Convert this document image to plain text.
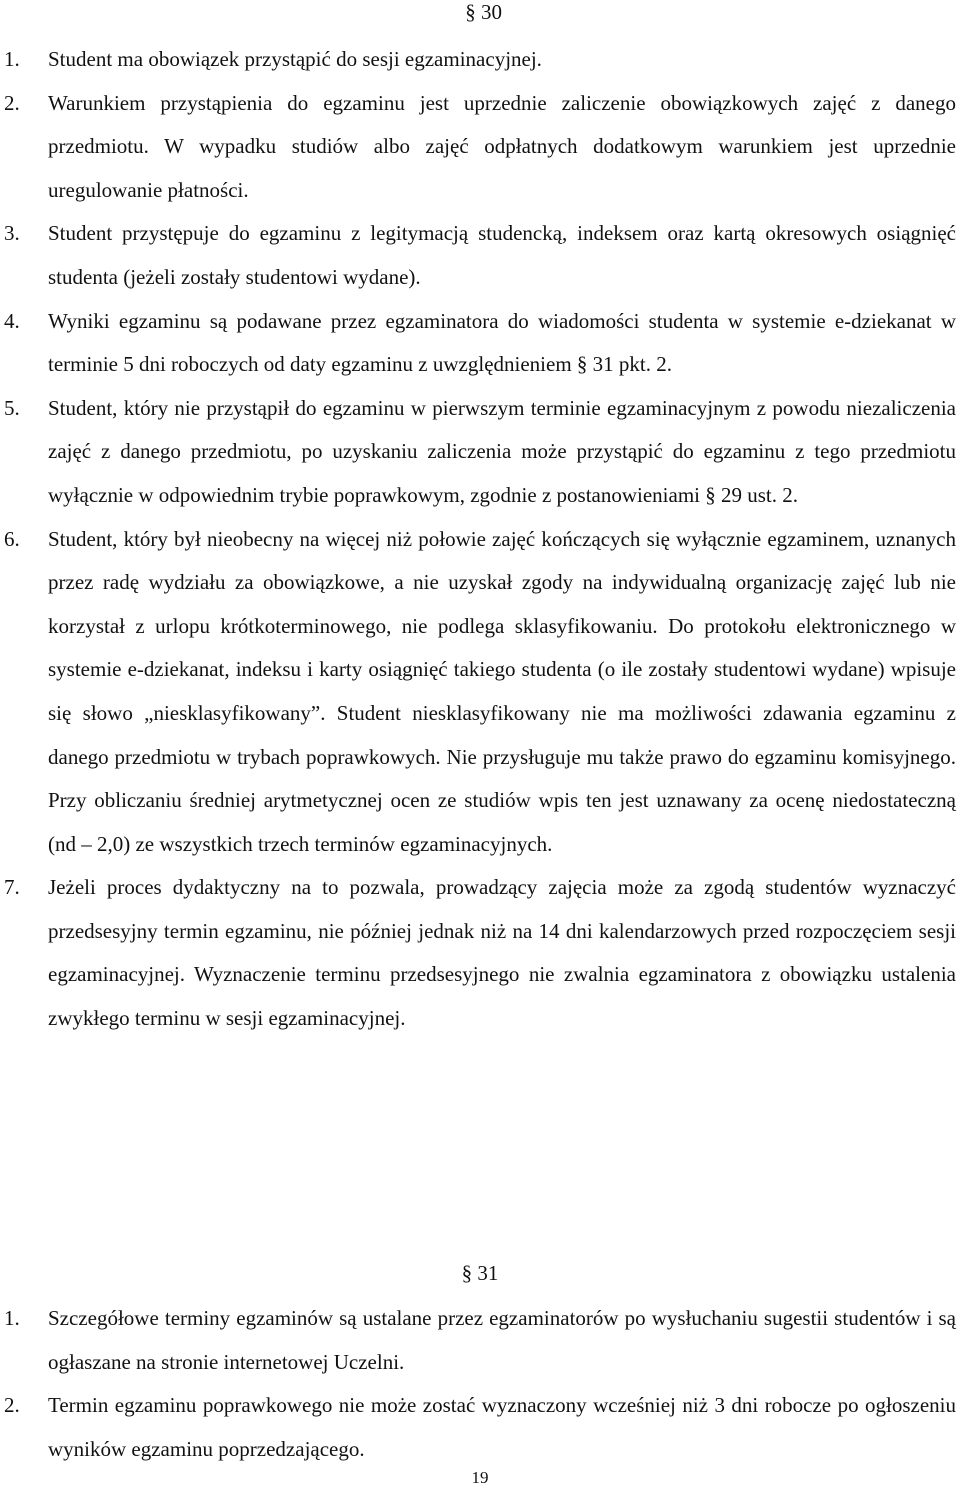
§ 30
1. Student ma obowiązek przystąpić do sesji egzaminacyjnej.
2. Warunkiem przystąpienia do egzaminu jest uprzednie zaliczenie obowiązkowych zajęć z danego przedmiotu. W wypadku studiów albo zajęć odpłatnych dodatkowym warunkiem jest uprzednie uregulowanie płatności.
3. Student przystępuje do egzaminu z legitymacją studencką, indeksem oraz kartą okresowych osiągnięć studenta (jeżeli zostały studentowi wydane).
4. Wyniki egzaminu są podawane przez egzaminatora do wiadomości studenta w systemie e-dziekanat w terminie 5 dni roboczych od daty egzaminu z uwzględnieniem § 31 pkt. 2.
5. Student, który nie przystąpił do egzaminu w pierwszym terminie egzaminacyjnym z powodu niezaliczenia zajęć z danego przedmiotu, po uzyskaniu zaliczenia może przystąpić do egzaminu z tego przedmiotu wyłącznie w odpowiednim trybie poprawkowym, zgodnie z postanowieniami § 29 ust. 2.
6. Student, który był nieobecny na więcej niż połowie zajęć kończących się wyłącznie egzaminem, uznanych przez radę wydziału za obowiązkowe, a nie uzyskał zgody na indywidualną organizację zajęć lub nie korzystał z urlopu krótkoterminowego, nie podlega sklasyfikowaniu. Do protokołu elektronicznego w systemie e-dziekanat, indeksu i karty osiągnięć takiego studenta (o ile zostały studentowi wydane) wpisuje się słowo „niesklasyfikowany”. Student niesklasyfikowany nie ma możliwości zdawania egzaminu z danego przedmiotu w trybach poprawkowych. Nie przysługuje mu także prawo do egzaminu komisyjnego. Przy obliczaniu średniej arytmetycznej ocen ze studiów wpis ten jest uznawany za ocenę niedostateczną (nd – 2,0) ze wszystkich trzech terminów egzaminacyjnych.
7. Jeżeli proces dydaktyczny na to pozwala, prowadzący zajęcia może za zgodą studentów wyznaczyć przedsesyjny termin egzaminu, nie później jednak niż na 14 dni kalendarzowych przed rozpoczęciem sesji egzaminacyjnej. Wyznaczenie terminu przedsesyjnego nie zwalnia egzaminatora z obowiązku ustalenia zwykłego terminu w sesji egzaminacyjnej.
§ 31
1. Szczegółowe terminy egzaminów są ustalane przez egzaminatorów po wysłuchaniu sugestii studentów i są ogłaszane na stronie internetowej Uczelni.
2. Termin egzaminu poprawkowego nie może zostać wyznaczony wcześniej niż 3 dni robocze po ogłoszeniu wyników egzaminu poprzedzającego.
19
